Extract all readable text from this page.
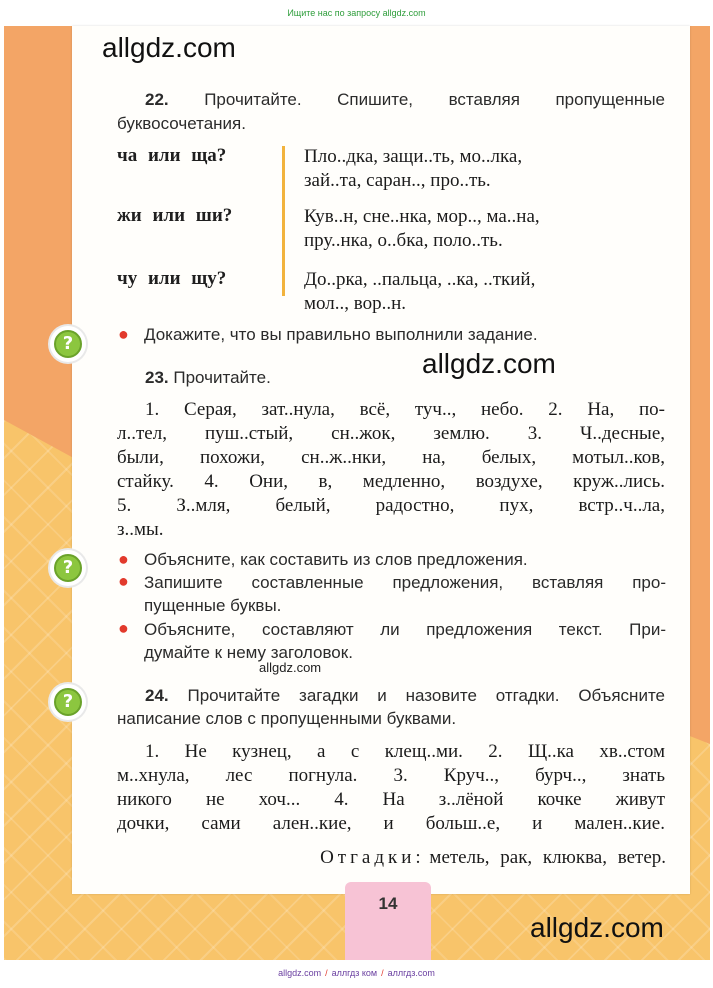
Ищите нас по запросу allgdz.com
allgdz.com
allgdz.com
allgdz.com
allgdz.com
22. Прочитайте. Спишите, вставляя пропущенные
буквосочетания.
ча или ща?	Пло..дка, защи..ть, мо..лка,
зай..та, саран.., про..ть.
жи или ши?	Кув..н, сне..нка, мор.., ма..на,
пру..нка, о..бка, поло..ть.
чу или щу?	До..рка, ..пальца, ..ка, ..ткий,
мол.., вор..н.
?	● Докажите, что вы правильно выполнили задание.
23. Прочитайте.
1. Серая, зат..нула, всё, туч.., небо. 2. На, по-
л..тел, пуш..стый, сн..жок, землю. 3. Ч..десные,
были, похожи, сн..ж..нки, на, белых, мотыл..ков,
стайку. 4. Они, в, медленно, воздухе, круж..лись.
5. З..мля, белый, радостно, пух, встр..ч..ла,
з..мы.
?	● Объясните, как составить из слов предложения.
Запишите составленные предложения, вставляя про-
●
пущенные буквы.
Объясните, составляют ли предложения текст. При-
●
думайте к нему заголовок.
?	24. Прочитайте загадки и назовите отгадки. Объясните
написание слов с пропущенными буквами.
1. Не кузнец, а с клещ..ми. 2. Щ..ка хв..стом
м..хнула, лес погнула. 3. Круч.., бурч.., знать
никого не хоч... 4. На з..лёной кочке живут
дочки, сами ален..кие, и больш..е, и мален..кие.
Отгадки: метель, рак, клюква, ветер.
14
allgdz.com / аллгдз ком / аллгдз.com
